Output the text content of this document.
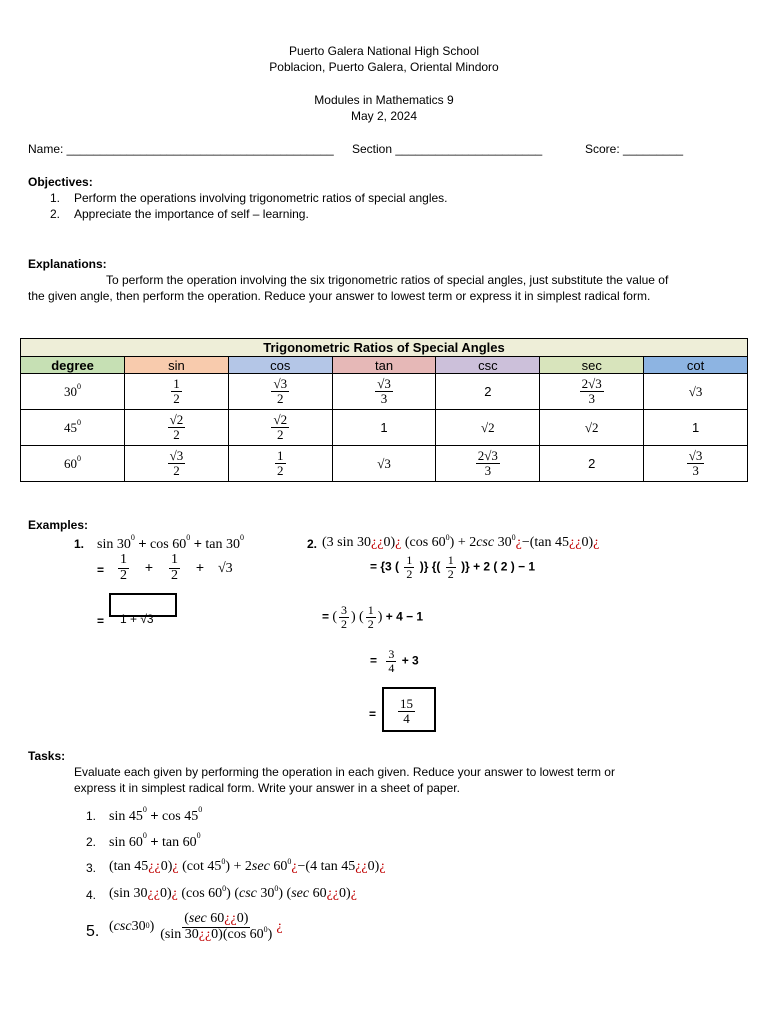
Puerto Galera National High School
Poblacion, Puerto Galera, Oriental Mindoro
Modules in Mathematics 9
May 2, 2024
Name: ________________________________________ Section ______________________	Score: _________
Objectives:
1. Perform the operations involving trigonometric ratios of special angles.
2. Appreciate the importance of self – learning.
Explanations:
To perform the operation involving the six trigonometric ratios of special angles, just substitute the value of
the given angle, then perform the operation. Reduce your answer to lowest term or express it in simplest radical form.
Trigonometric Ratios of Special Angles						
degree	sin	cos	tan	csc	sec	cot
$30^0$	$\frac{1}{2}$	$\frac{√3}{2}$	$\frac{√3}{3}$	2	$\frac{2√3}{3}$	√3
$45^0$	$\frac{√2}{2}$	$\frac{√2}{2}$	1	√2	√2	1
$60^0$	$\frac{√3}{2}$	$\frac{1}{2}$	√3	$\frac{2√3}{3}$	2	$\frac{√3}{3}$
Examples:
1. $\sin 30^0 + \cos 60^0 + \tan 30^0$
= $\frac{1}{2} + \frac{1}{2} + √3$
= 1 + √3
2. (3 sin 30¿¿0)¿ (cos $60^0) + 2\csc$ $30^0¿-(\tan$ 45¿¿0)¿
= {3 ( $\frac{1}{2}$ )} {( $\frac{1}{2}$ )} + 2 ( 2 ) − 1
= ( $\frac{3}{2}$ ) ( $\frac{1}{2}$ ) + 4 − 1
= $\frac{3}{4} + 3$
= $\frac{15}{4}$
Tasks:
Evaluate each given by performing the operation in each given. Reduce your answer to lowest term or
express it in simplest radical form. Write your answer in a sheet of paper.
1. $\sin 45^0 + \cos 45^0$
2. $\sin 60^0 + \tan 60^0$
3. (tan 45¿¿0)¿ (cot $45^0) + 2\sec$ $60^0¿-(4$ tan 45¿¿0)¿
4. (sin 30¿¿0)¿ (cos $60^0$) (csc $30^0$) (sec 60¿¿0)¿
5. ( csc 30 0 ) $\frac{(\sec 60¿¿0)}{(\sin 30¿¿0)(\cos 60^0)}$ ¿
